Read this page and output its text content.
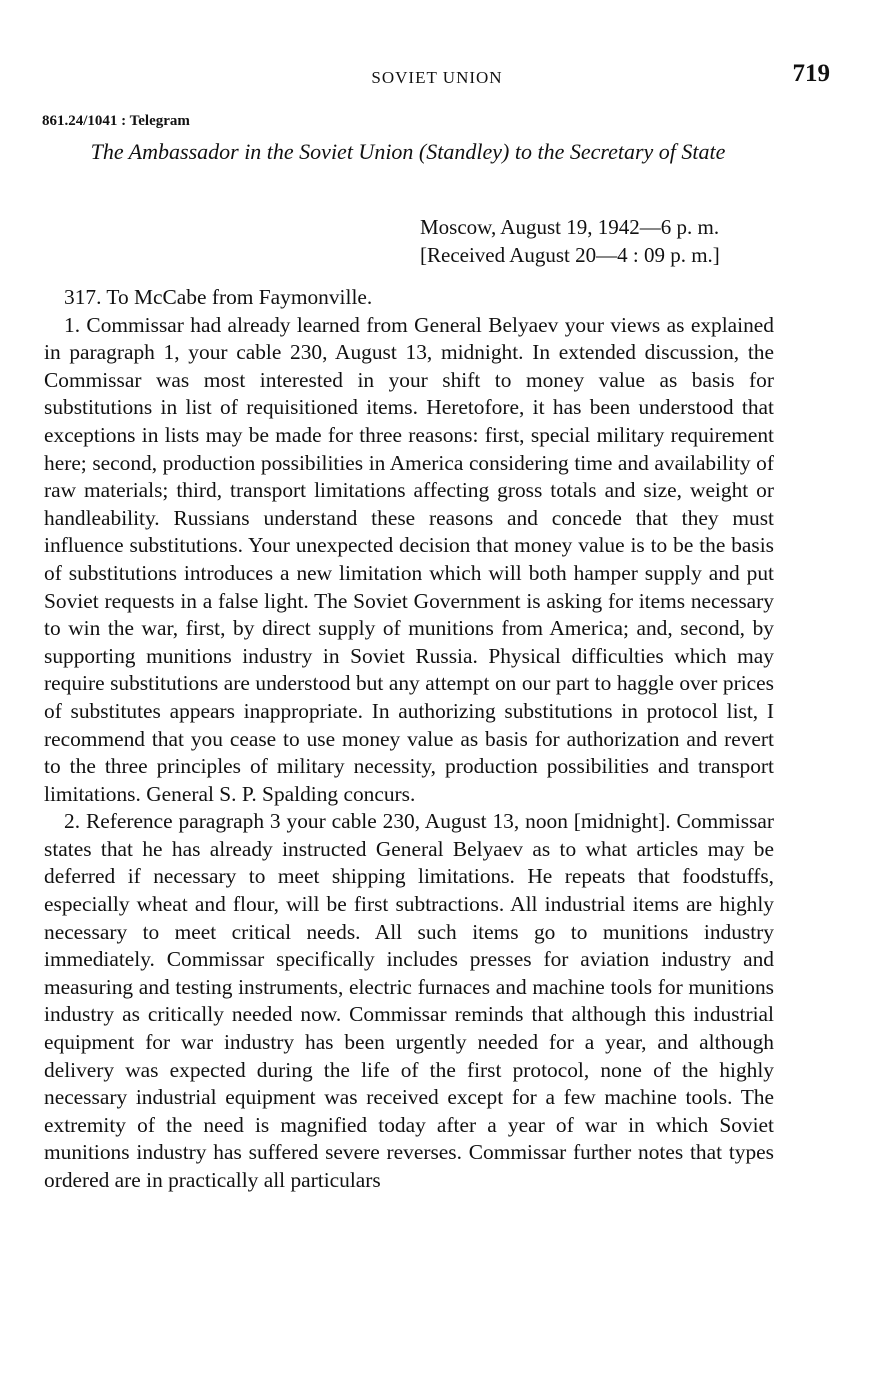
SOVIET UNION	719
861.24/1041 : Telegram
The Ambassador in the Soviet Union (Standley) to the Secretary of State
Moscow, August 19, 1942—6 p. m.
[Received August 20—4 : 09 p. m.]

317. To McCabe from Faymonville.

1. Commissar had already learned from General Belyaev your views as explained in paragraph 1, your cable 230, August 13, midnight. In extended discussion, the Commissar was most interested in your shift to money value as basis for substitutions in list of requisitioned items. Heretofore, it has been understood that exceptions in lists may be made for three reasons: first, special military requirement here; second, production possibilities in America considering time and availability of raw materials; third, transport limitations affecting gross totals and size, weight or handleability. Russians understand these reasons and concede that they must influence substitutions. Your unexpected decision that money value is to be the basis of substitutions introduces a new limitation which will both hamper supply and put Soviet requests in a false light. The Soviet Government is asking for items necessary to win the war, first, by direct supply of munitions from America; and, second, by supporting munitions industry in Soviet Russia. Physical difficulties which may require substitutions are understood but any attempt on our part to haggle over prices of substitutes appears inappropriate. In authorizing substitutions in protocol list, I recommend that you cease to use money value as basis for authorization and revert to the three principles of military necessity, production possibilities and transport limitations. General S. P. Spalding concurs.

2. Reference paragraph 3 your cable 230, August 13, noon [midnight]. Commissar states that he has already instructed General Belyaev as to what articles may be deferred if necessary to meet shipping limitations. He repeats that foodstuffs, especially wheat and flour, will be first subtractions. All industrial items are highly necessary to meet critical needs. All such items go to munitions industry immediately. Commissar specifically includes presses for aviation industry and measuring and testing instruments, electric furnaces and machine tools for munitions industry as critically needed now. Commissar reminds that although this industrial equipment for war industry has been urgently needed for a year, and although delivery was expected during the life of the first protocol, none of the highly necessary industrial equipment was received except for a few machine tools. The extremity of the need is magnified today after a year of war in which Soviet munitions industry has suffered severe reverses. Commissar further notes that types ordered are in practically all particulars
